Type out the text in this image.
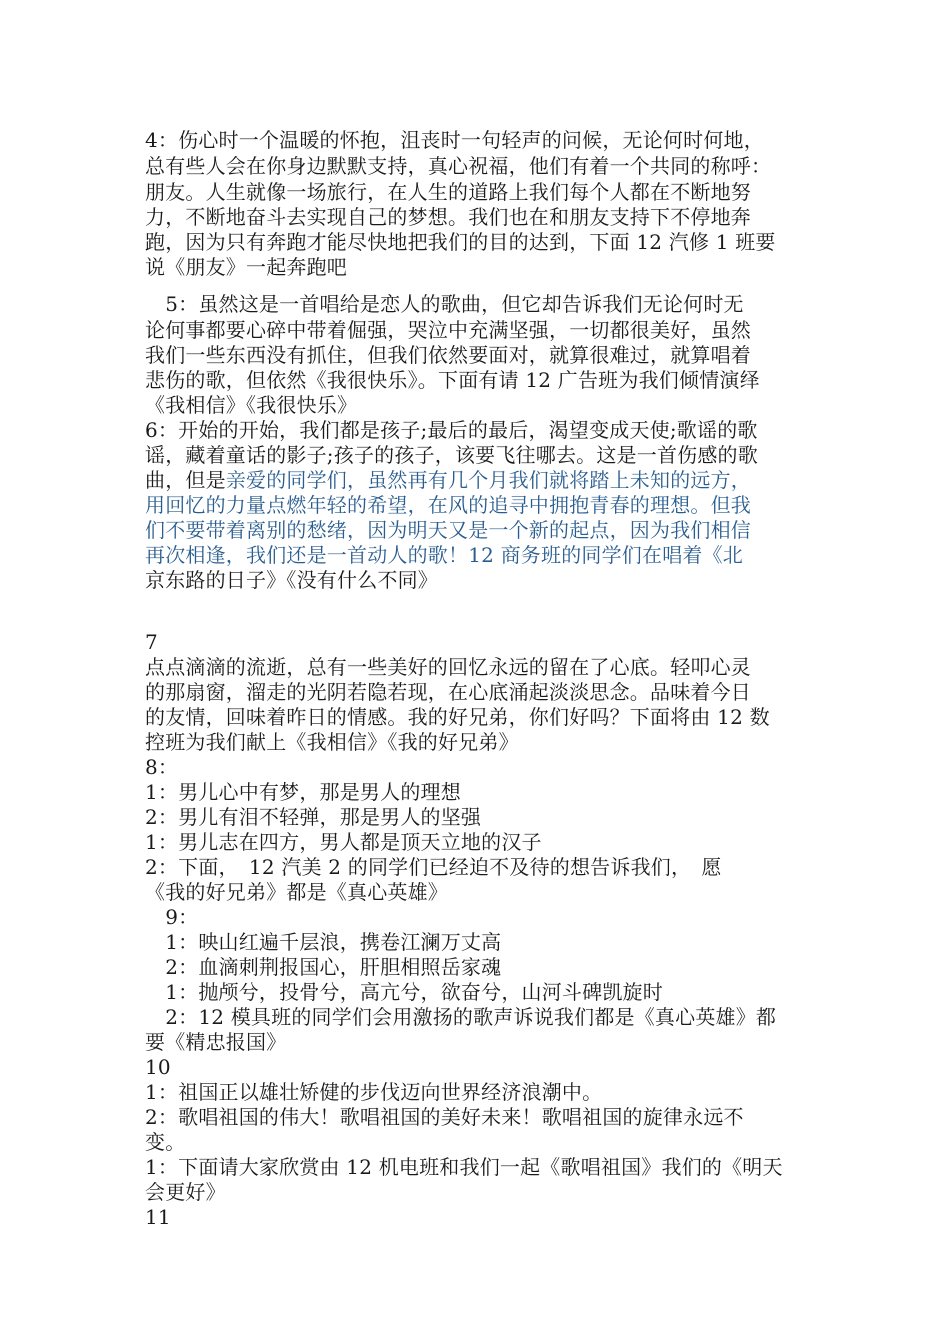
4：伤心时一个温暖的怀抱，沮丧时一句轻声的问候，无论何时何地，
总有些人会在你身边默默支持，真心祝福，他们有着一个共同的称呼：
朋友。人生就像一场旅行，在人生的道路上我们每个人都在不断地努
力，不断地奋斗去实现自己的梦想。我们也在和朋友支持下不停地奔
跑，因为只有奔跑才能尽快地把我们的目的达到，下面 12 汽修 1 班要
说《朋友》一起奔跑吧
　5：虽然这是一首唱给是恋人的歌曲，但它却告诉我们无论何时无
论何事都要心碎中带着倔强，哭泣中充满坚强，一切都很美好，虽然
我们一些东西没有抓住，但我们依然要面对，就算很难过，就算唱着
悲伤的歌，但依然《我很快乐》。下面有请 12 广告班为我们倾情演绎
《我相信》《我很快乐》
6：开始的开始，我们都是孩子;最后的最后，渴望变成天使;歌谣的歌
谣，藏着童话的影子;孩子的孩子，该要飞往哪去。这是一首伤感的歌
曲，但是亲爱的同学们，虽然再有几个月我们就将踏上未知的远方，
用回忆的力量点燃年轻的希望，在风的追寻中拥抱青春的理想。但我
们不要带着离别的愁绪，因为明天又是一个新的起点，因为我们相信
再次相逢，我们还是一首动人的歌！12 商务班的同学们在唱着《北
京东路的日子》《没有什么不同》
7
点点滴滴的流逝，总有一些美好的回忆永远的留在了心底。轻叩心灵
的那扇窗，溜走的光阴若隐若现，在心底涌起淡淡思念。品味着今日
的友情，回味着昨日的情感。我的好兄弟，你们好吗？下面将由 12 数
控班为我们献上《我相信》《我的好兄弟》
8：
1：男儿心中有梦，那是男人的理想
2：男儿有泪不轻弹，那是男人的坚强
1：男儿志在四方，男人都是顶天立地的汉子
2：下面，　12 汽美 2 的同学们已经迫不及待的想告诉我们，　愿
《我的好兄弟》都是《真心英雄》
　9：
　1：映山红遍千层浪，携卷江澜万丈高
　2：血滴刺荆报国心，肝胆相照岳家魂
　1：抛颅兮，投骨兮，高亢兮，欲奋兮，山河斗碑凯旋时
　2：12 模具班的同学们会用激扬的歌声诉说我们都是《真心英雄》都
要《精忠报国》
10
1：祖国正以雄壮矫健的步伐迈向世界经济浪潮中。
2：歌唱祖国的伟大！歌唱祖国的美好未来！歌唱祖国的旋律永远不
变。
1：下面请大家欣赏由 12 机电班和我们一起《歌唱祖国》我们的《明天
会更好》
11
